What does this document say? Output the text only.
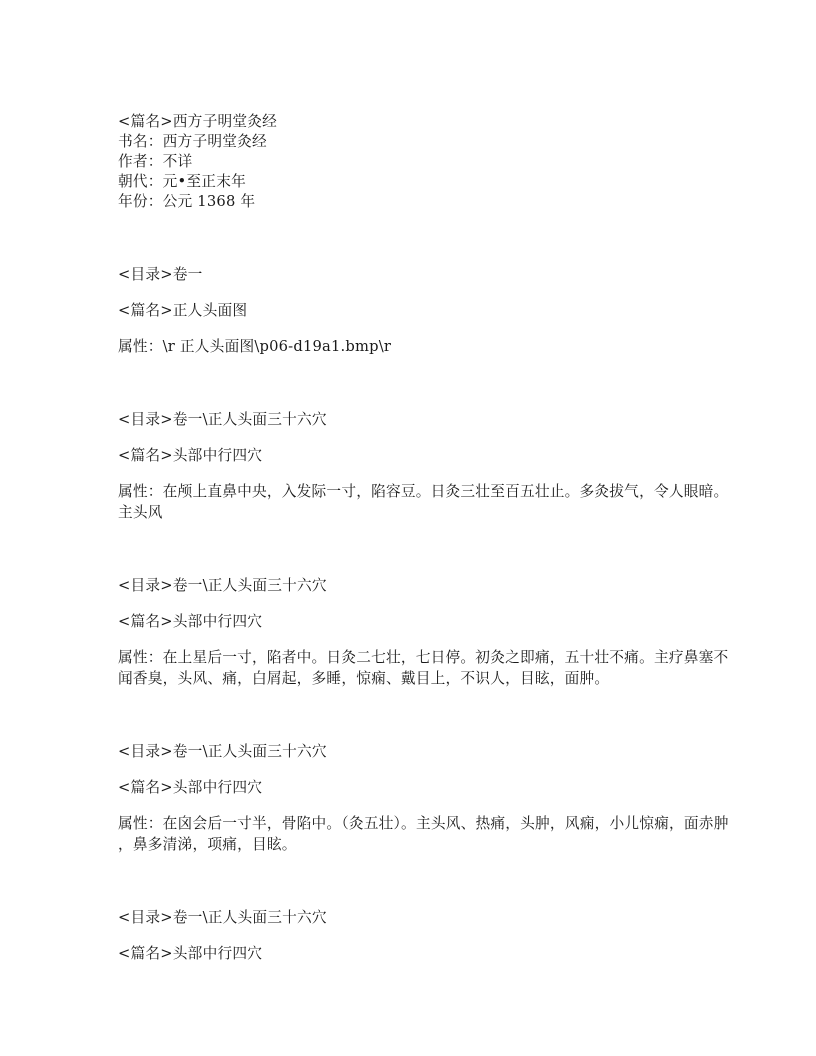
<篇名>西方子明堂灸经
书名：西方子明堂灸经
作者：不详
朝代：元•至正末年
年份：公元 1368 年
<目录>卷一
<篇名>正人头面图
属性：\r 正人头面图\p06-d19a1.bmp\r
<目录>卷一\正人头面三十六穴
<篇名>头部中行四穴
属性：在颅上直鼻中央，入发际一寸，陷容豆。日灸三壮至百五壮止。多灸拔气，令人眼暗。
主头风
<目录>卷一\正人头面三十六穴
<篇名>头部中行四穴
属性：在上星后一寸，陷者中。日灸二七壮，七日停。初灸之即痛，五十壮不痛。主疗鼻塞不
闻香臭，头风、痛，白屑起，多睡，惊痫、戴目上，不识人，目眩，面肿。
<目录>卷一\正人头面三十六穴
<篇名>头部中行四穴
属性：在囟会后一寸半，骨陷中。（灸五壮）。主头风、热痛，头肿，风痫，小儿惊痫，面赤肿
，鼻多清涕，项痛，目眩。
<目录>卷一\正人头面三十六穴
<篇名>头部中行四穴
